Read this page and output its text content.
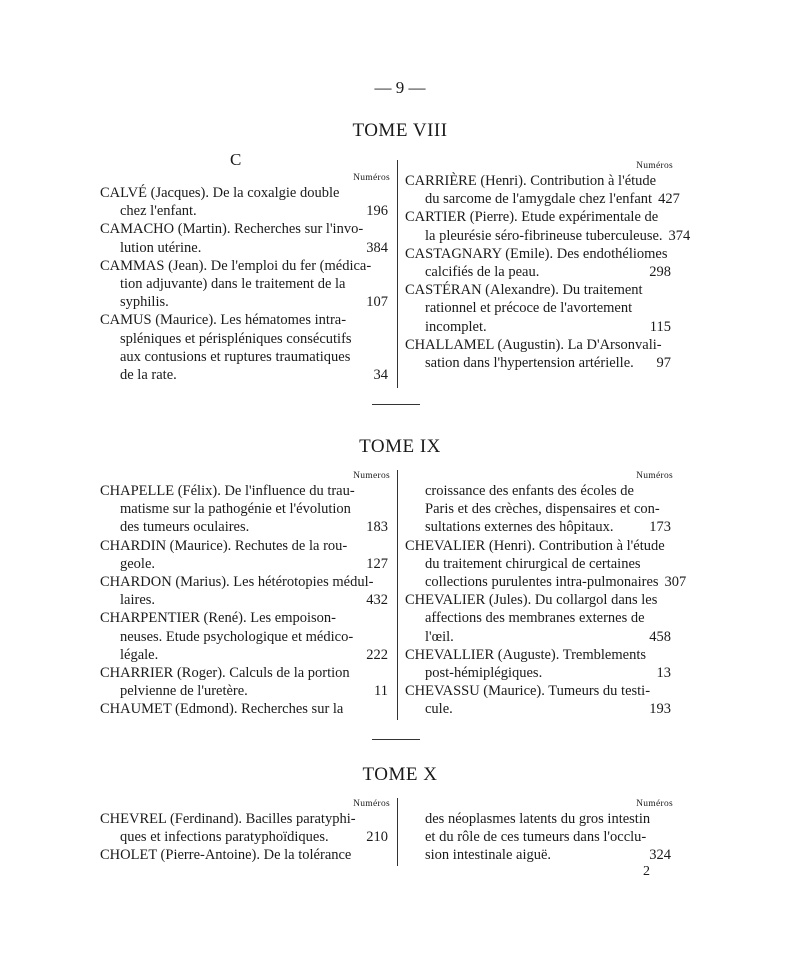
— 9 —
TOME VIII
C
Numéros
CALVÉ (Jacques). De la coxalgie double
chez l'enfant.	196
CAMACHO (Martin). Recherches sur l'invo-
lution utérine.	384
CAMMAS (Jean). De l'emploi du fer (médica-
tion adjuvante) dans le traitement de la
syphilis.	107
CAMUS (Maurice). Les hématomes intra-
spléniques et périspléniques consécutifs
aux contusions et ruptures traumatiques
de la rate.	34
Numéros
CARRIÈRE (Henri). Contribution à l'étude
du sarcome de l'amygdale chez l'enfant 427
CARTIER (Pierre). Etude expérimentale de
la pleurésie séro-fibrineuse tuberculeuse. 374
CASTAGNARY (Emile). Des endothéliomes
calcifiés de la peau.	298
CASTÉRAN (Alexandre). Du traitement
rationnel et précoce de l'avortement
incomplet.	115
CHALLAMEL (Augustin). La D'Arsonvali-
sation dans l'hypertension artérielle.	97
TOME IX
Numeros
CHAPELLE (Félix). De l'influence du trau-
matisme sur la pathogénie et l'évolution
des tumeurs oculaires.	183
CHARDIN (Maurice). Rechutes de la rou-
geole.	127
CHARDON (Marius). Les hétérotopies médul-
laires.	432
CHARPENTIER (René). Les empoison-
neuses. Etude psychologique et médico-
légale.	222
CHARRIER (Roger). Calculs de la portion
pelvienne de l'uretère.	11
CHAUMET (Edmond). Recherches sur la
Numéros
croissance des enfants des écoles de
Paris et des crèches, dispensaires et con-
sultations externes des hôpitaux.	173
CHEVALIER (Henri). Contribution à l'étude
du traitement chirurgical de certaines
collections purulentes intra-pulmonaires 307
CHEVALIER (Jules). Du collargol dans les
affections des membranes externes de
l'œil.	458
CHEVALLIER (Auguste). Tremblements
post-hémiplégiques.	13
CHEVASSU (Maurice). Tumeurs du testi-
cule.	193
TOME X
Numéros
CHEVREL (Ferdinand). Bacilles paratyphi-
ques et infections paratyphoïdiques.	210
CHOLET (Pierre-Antoine). De la tolérance
Numéros
des néoplasmes latents du gros intestin
et du rôle de ces tumeurs dans l'occlu-
sion intestinale aiguë.	324
2
